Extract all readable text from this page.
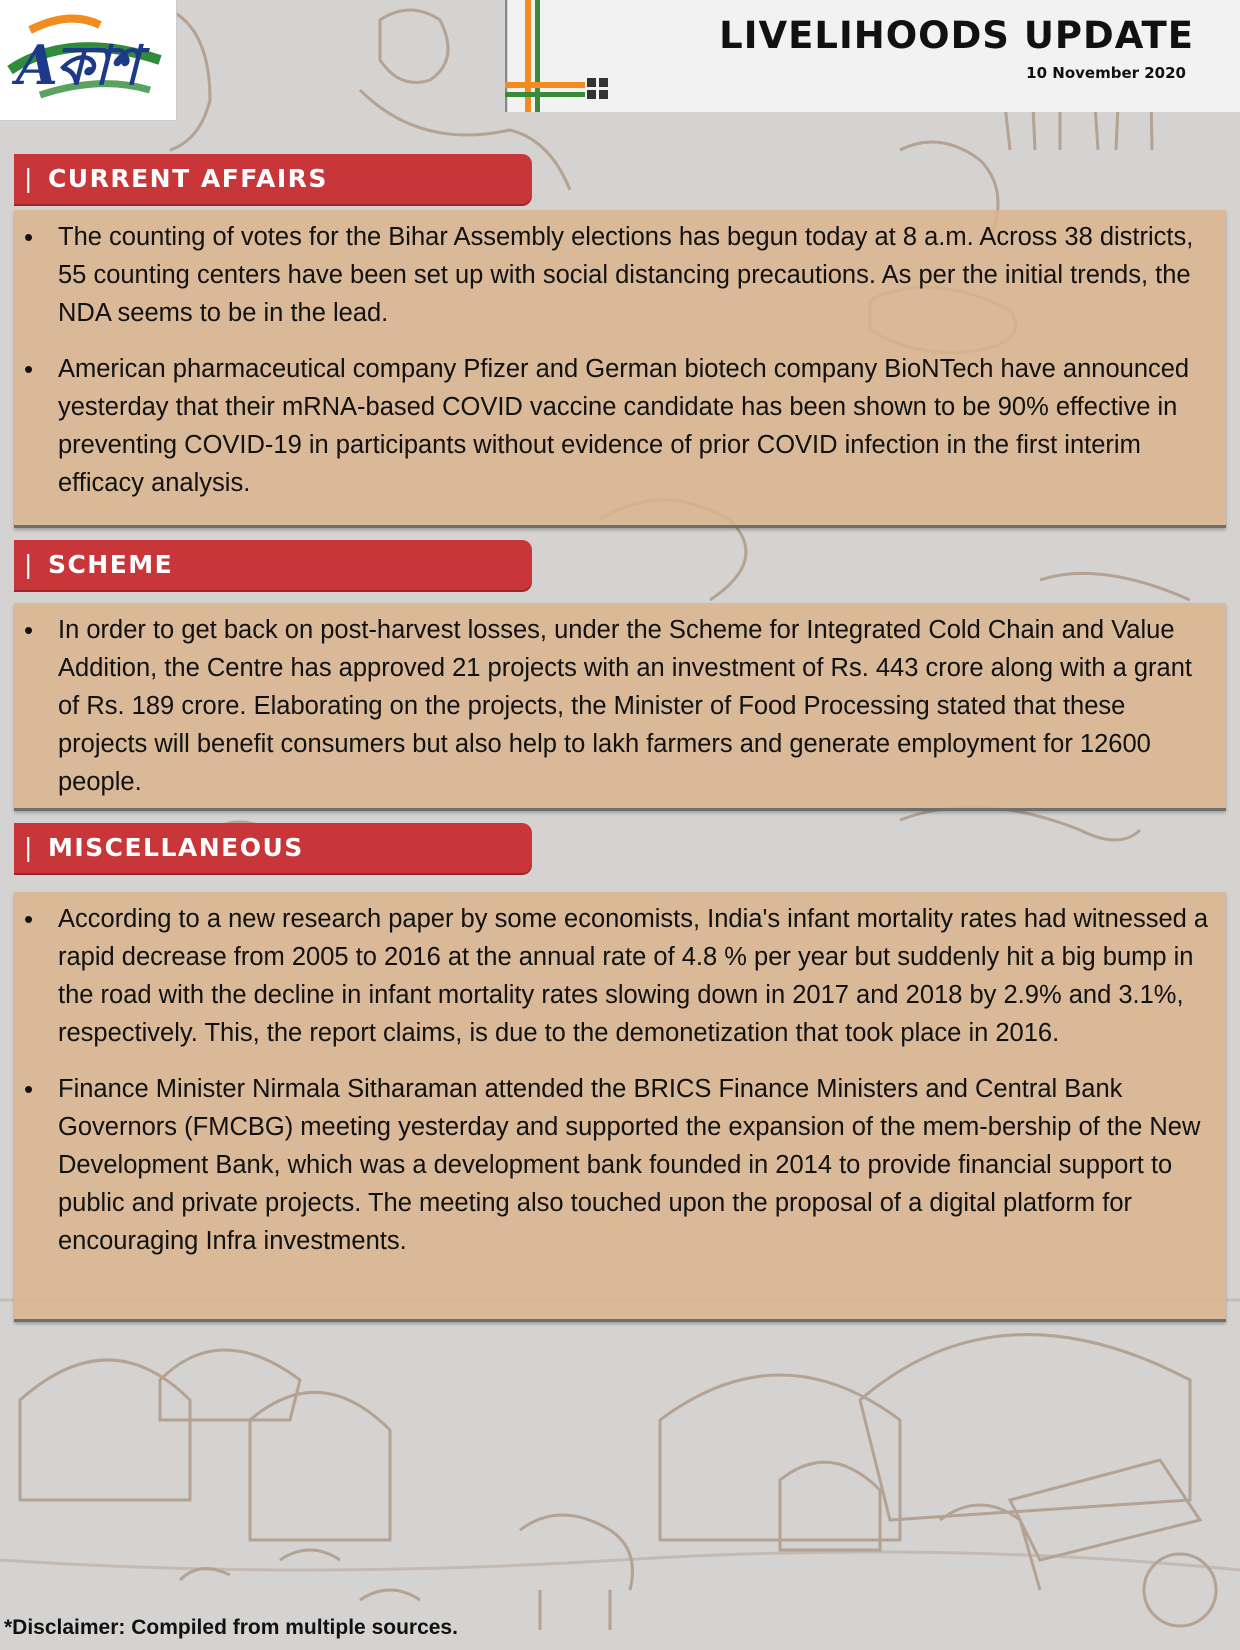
Aকাশ	LIVELIHOODS UPDATE
10 November 2020
| CURRENT AFFAIRS
• The counting of votes for the Bihar Assembly elections has begun today at 8 a.m. Across 38 districts, 55 counting centers have been set up with social distancing precautions. As per the initial trends, the NDA seems to be in the lead.
• American pharmaceutical company Pfizer and German biotech company BioNTech have announced yesterday that their mRNA-based COVID vaccine candidate has been shown to be 90% effective in preventing COVID-19 in participants without evidence of prior COVID infection in the first interim efficacy analysis.
| SCHEME
• In order to get back on post-harvest losses, under the Scheme for Integrated Cold Chain and Value Addition, the Centre has approved 21 projects with an investment of Rs. 443 crore along with a grant of Rs. 189 crore. Elaborating on the projects, the Minister of Food Processing stated that these projects will benefit consumers but also help to lakh farmers and generate employment for 12600 people.
| MISCELLANEOUS
• According to a new research paper by some economists, India's infant mortality rates had witnessed a rapid decrease from 2005 to 2016 at the annual rate of 4.8 % per year but suddenly hit a big bump in the road with the decline in infant mortality rates slowing down in 2017 and 2018 by 2.9% and 3.1%, respectively. This, the report claims, is due to the demonetization that took place in 2016.
• Finance Minister Nirmala Sitharaman attended the BRICS Finance Ministers and Central Bank Governors (FMCBG) meeting yesterday and supported the expansion of the mem-bership of the New Development Bank, which was a development bank founded in 2014 to provide financial support to public and private projects. The meeting also touched upon the proposal of a digital platform for encouraging Infra investments.
*Disclaimer: Compiled from multiple sources.
